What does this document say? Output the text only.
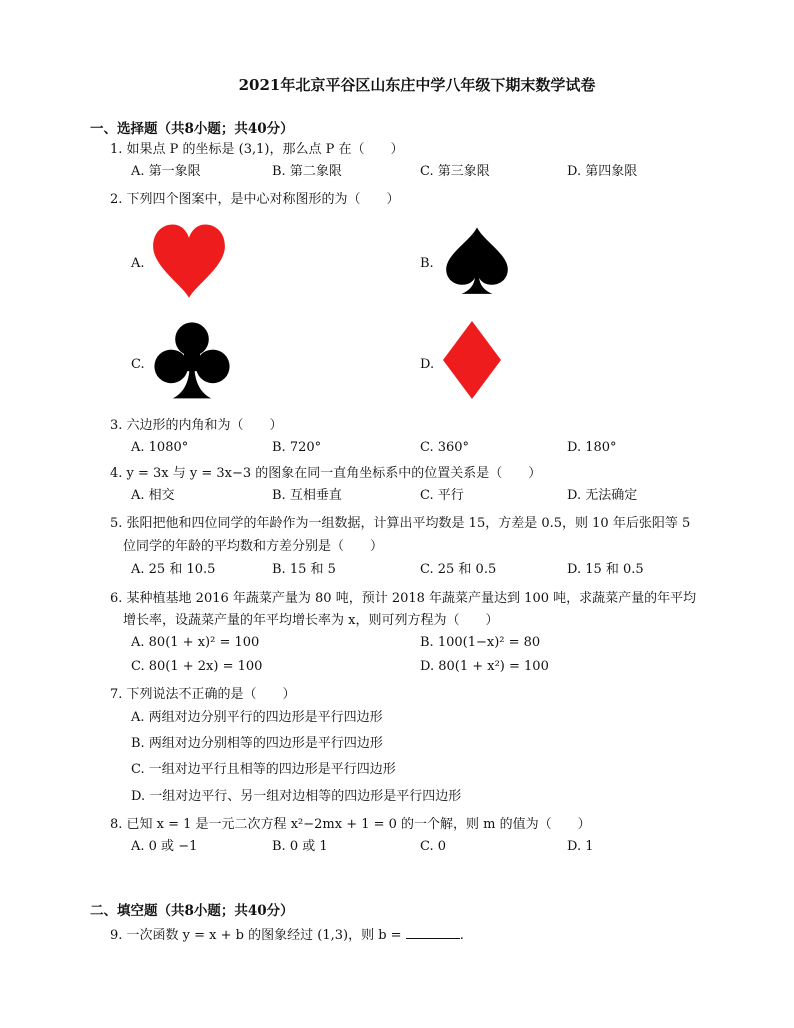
2021年北京平谷区山东庄中学八年级下期末数学试卷
一、选择题（共8小题；共40分）
1. 如果点 P 的坐标是 (3,1)，那么点 P 在（　　）
A. 第一象限	B. 第二象限	C. 第三象限	D. 第四象限
2. 下列四个图案中，是中心对称图形的为（　　）
A.	B.
C.	D.
3. 六边形的内角和为（　　）
A. 1080°	B. 720°	C. 360°	D. 180°
4. y = 3x 与 y = 3x−3 的图象在同一直角坐标系中的位置关系是（　　）
A. 相交	B. 互相垂直	C. 平行	D. 无法确定
5. 张阳把他和四位同学的年龄作为一组数据，计算出平均数是 15，方差是 0.5，则 10 年后张阳等 5
位同学的年龄的平均数和方差分别是（　　）
A. 25 和 10.5	B. 15 和 5	C. 25 和 0.5	D. 15 和 0.5
6. 某种植基地 2016 年蔬菜产量为 80 吨，预计 2018 年蔬菜产量达到 100 吨，求蔬菜产量的年平均
增长率，设蔬菜产量的年平均增长率为 x，则可列方程为（　　）
A. 80(1 + x)² = 100	B. 100(1−x)² = 80
C. 80(1 + 2x) = 100	D. 80(1 + x²) = 100
7. 下列说法不正确的是（　　）
A. 两组对边分别平行的四边形是平行四边形
B. 两组对边分别相等的四边形是平行四边形
C. 一组对边平行且相等的四边形是平行四边形
D. 一组对边平行、另一组对边相等的四边形是平行四边形
8. 已知 x = 1 是一元二次方程 x²−2mx + 1 = 0 的一个解，则 m 的值为（　　）
A. 0 或 −1	B. 0 或 1	C. 0	D. 1
二、填空题（共8小题；共40分）
9. 一次函数 y = x + b 的图象经过 (1,3)，则 b =	.
